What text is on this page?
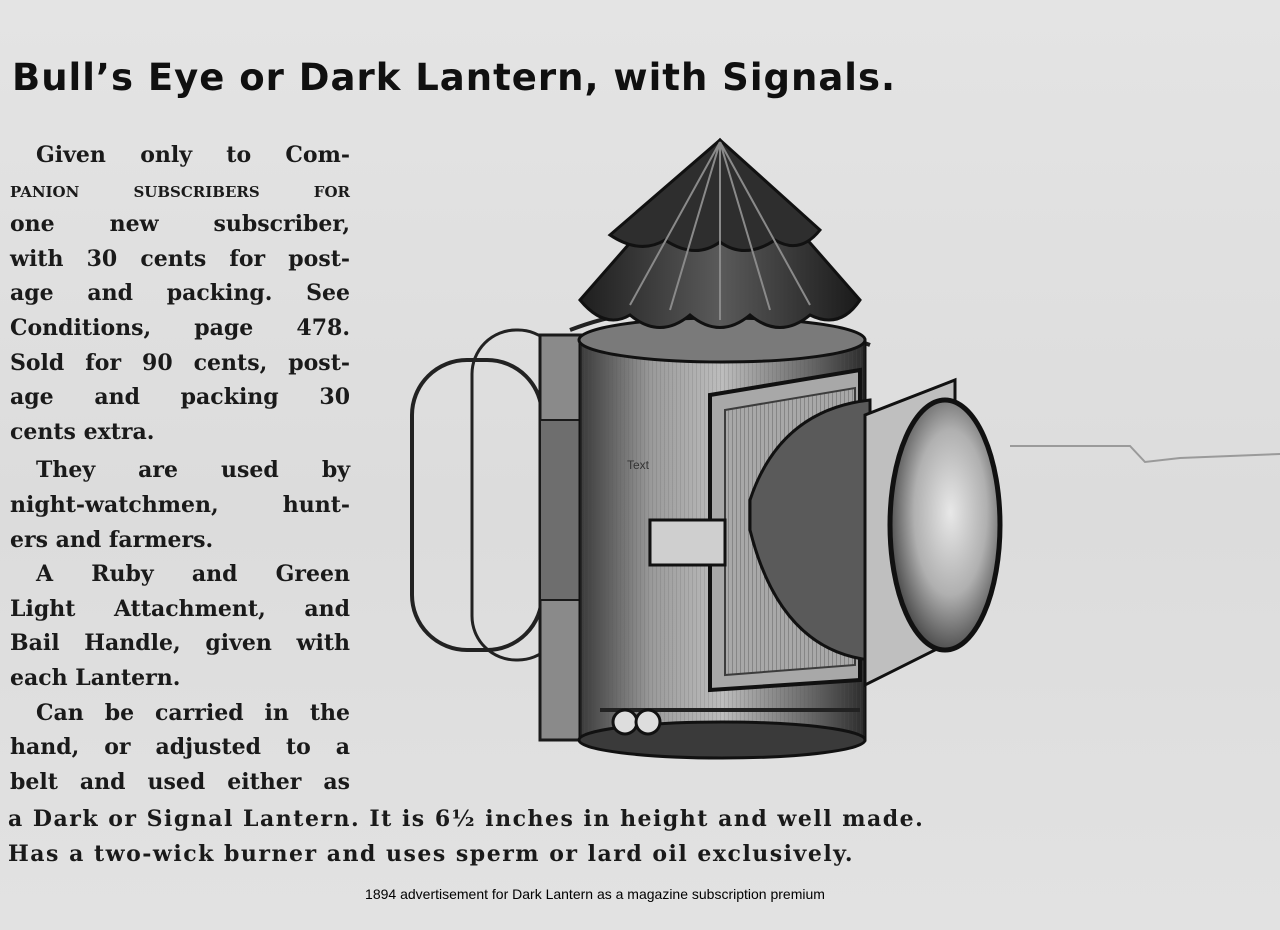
Bull’s Eye or Dark Lantern, with Signals.

Given only to Com-

panion subscribers for

one new subscriber,

with 30 cents for post-

age and packing. See

Conditions, page 478.

Sold for 90 cents, post-

age and packing 30

cents extra.

They are used by

night-watchmen, hunt-

ers and farmers.

A Ruby and Green

Light Attachment, and

Bail Handle, given with

each Lantern.

Can be carried in the

hand, or adjusted to a

belt and used either as

Text
a Dark or Signal Lantern. It is 6½ inches in height and well made.
Has a two-wick burner and uses sperm or lard oil exclusively.
1894 advertisement for Dark Lantern as a magazine subscription premium
